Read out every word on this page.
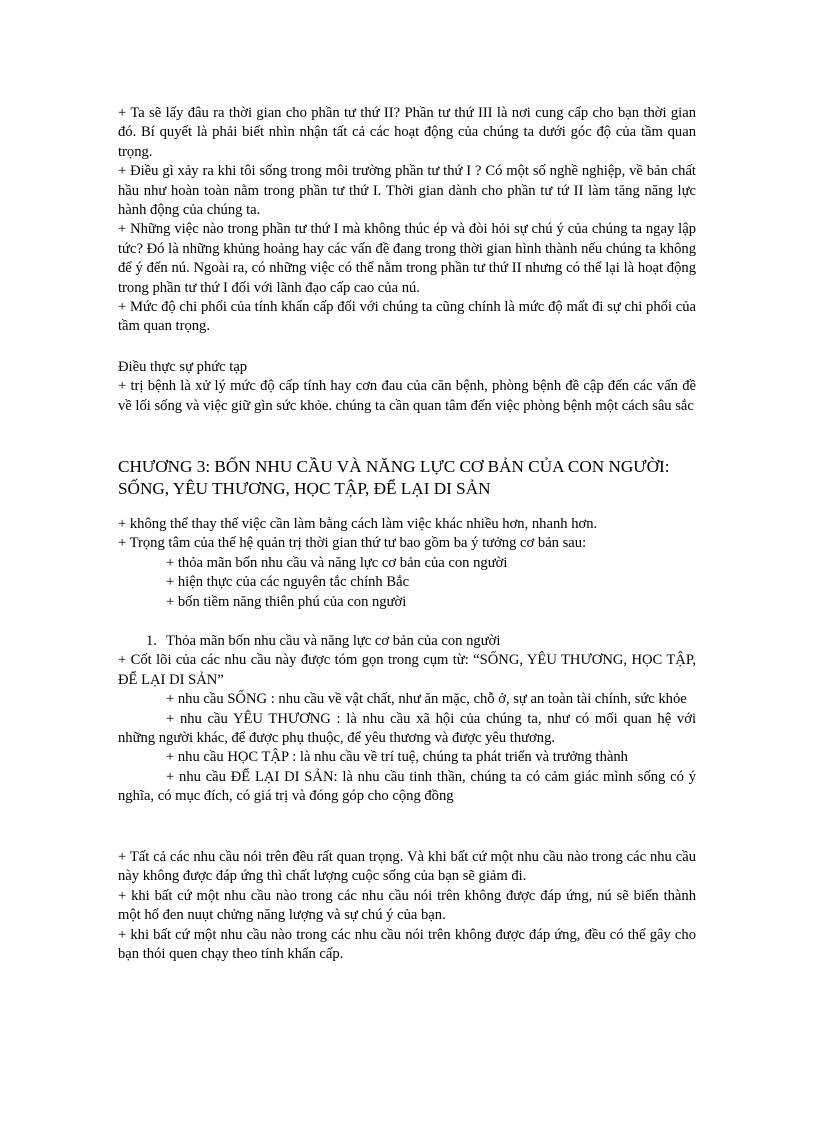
+ Ta sẽ lấy đâu ra thời gian cho phần tư thứ II? Phần tư thứ III là nơi cung cấp cho bạn thời gian đó. Bí quyết là phải biết nhìn nhận tất cả các hoạt động của chúng ta dưới góc độ của tầm quan trọng.

+ Điều gì xảy ra khi tôi sống trong môi trường phần tư thứ I ? Có một số nghề nghiệp, về bản chất hầu như hoàn toàn nằm trong phần tư thứ I. Thời gian dành cho phần tư tứ II làm tăng năng lực hành động của chúng ta.

+ Những việc nào trong phần tư thứ I mà không thúc ép và đòi hỏi sự chú ý của chúng ta ngay lập tức? Đó là những khủng hoảng hay các vấn đề đang trong thời gian hình thành nếu chúng ta không để ý đến nú. Ngoài ra, có những việc có thể nằm trong phần tư thứ II nhưng có thể lại là hoạt động trong phần tư thứ I đối với lãnh đạo cấp cao của nú.

+ Mức độ chi phối của tính khẩn cấp đối với chúng ta cũng chính là mức độ mất đi sự chi phối của tầm quan trọng.

Điều thực sự phức tạp

+ trị bệnh là xử lý mức độ cấp tính hay cơn đau của căn bệnh, phòng bệnh đề cập đến các vấn đề về lối sống và việc giữ gìn sức khỏe. chúng ta cần quan tâm đến việc phòng bệnh một cách sâu sắc

CHƯƠNG 3: BỐN NHU CẦU VÀ NĂNG LỰC CƠ BẢN CỦA CON NGƯỜI: SỐNG, YÊU THƯƠNG, HỌC TẬP, ĐỂ LẠI DI SẢN

+ không thể thay thế việc cần làm bằng cách làm việc khác nhiều hơn, nhanh hơn.

+ Trọng tâm của thế hệ quản trị thời gian thứ tư bao gồm ba ý tưởng cơ bản sau:

+ thỏa mãn bốn nhu cầu và năng lực cơ bản của con người

+ hiện thực của các nguyên tắc chính Bắc

+ bốn tiềm năng thiên phú của con người

1. Thỏa mãn bốn nhu cầu và năng lực cơ bản của con người

+ Cốt lõi của các nhu cầu này được tóm gọn trong cụm từ: “SỐNG, YÊU THƯƠNG, HỌC TẬP, ĐỂ LẠI DI SẢN”

+ nhu cầu SỐNG : nhu cầu về vật chất, như ăn mặc, chỗ ở, sự an toàn tài chính, sức khỏe

+ nhu cầu YÊU THƯƠNG : là nhu cầu xã hội của chúng ta, như có mối quan hệ với những người khác, để được phụ thuộc, để yêu thương và được yêu thương.

+ nhu cầu HỌC TẬP : là nhu cầu về trí tuệ, chúng ta phát triển và trưởng thành

+ nhu cầu ĐỂ LẠI DI SẢN: là nhu cầu tinh thần, chúng ta có cảm giác mình sống có ý nghĩa, có mục đích, có giá trị và đóng góp cho cộng đồng

+ Tất cả các nhu cầu nói trên đều rất quan trọng. Và khi bất cứ một nhu cầu nào trong các nhu cầu này không được đáp ứng thì chất lượng cuộc sống của bạn sẽ giảm đi.

+ khi bất cứ một nhu cầu nào trong các nhu cầu nói trên không được đáp ứng, nú sẽ biến thành một hố đen nuụt chửng năng lượng và sự chú ý của bạn.

+ khi bất cứ một nhu cầu nào trong các nhu cầu nói trên không được đáp ứng, đều có thể gây cho bạn thói quen chạy theo tính khẩn cấp.
